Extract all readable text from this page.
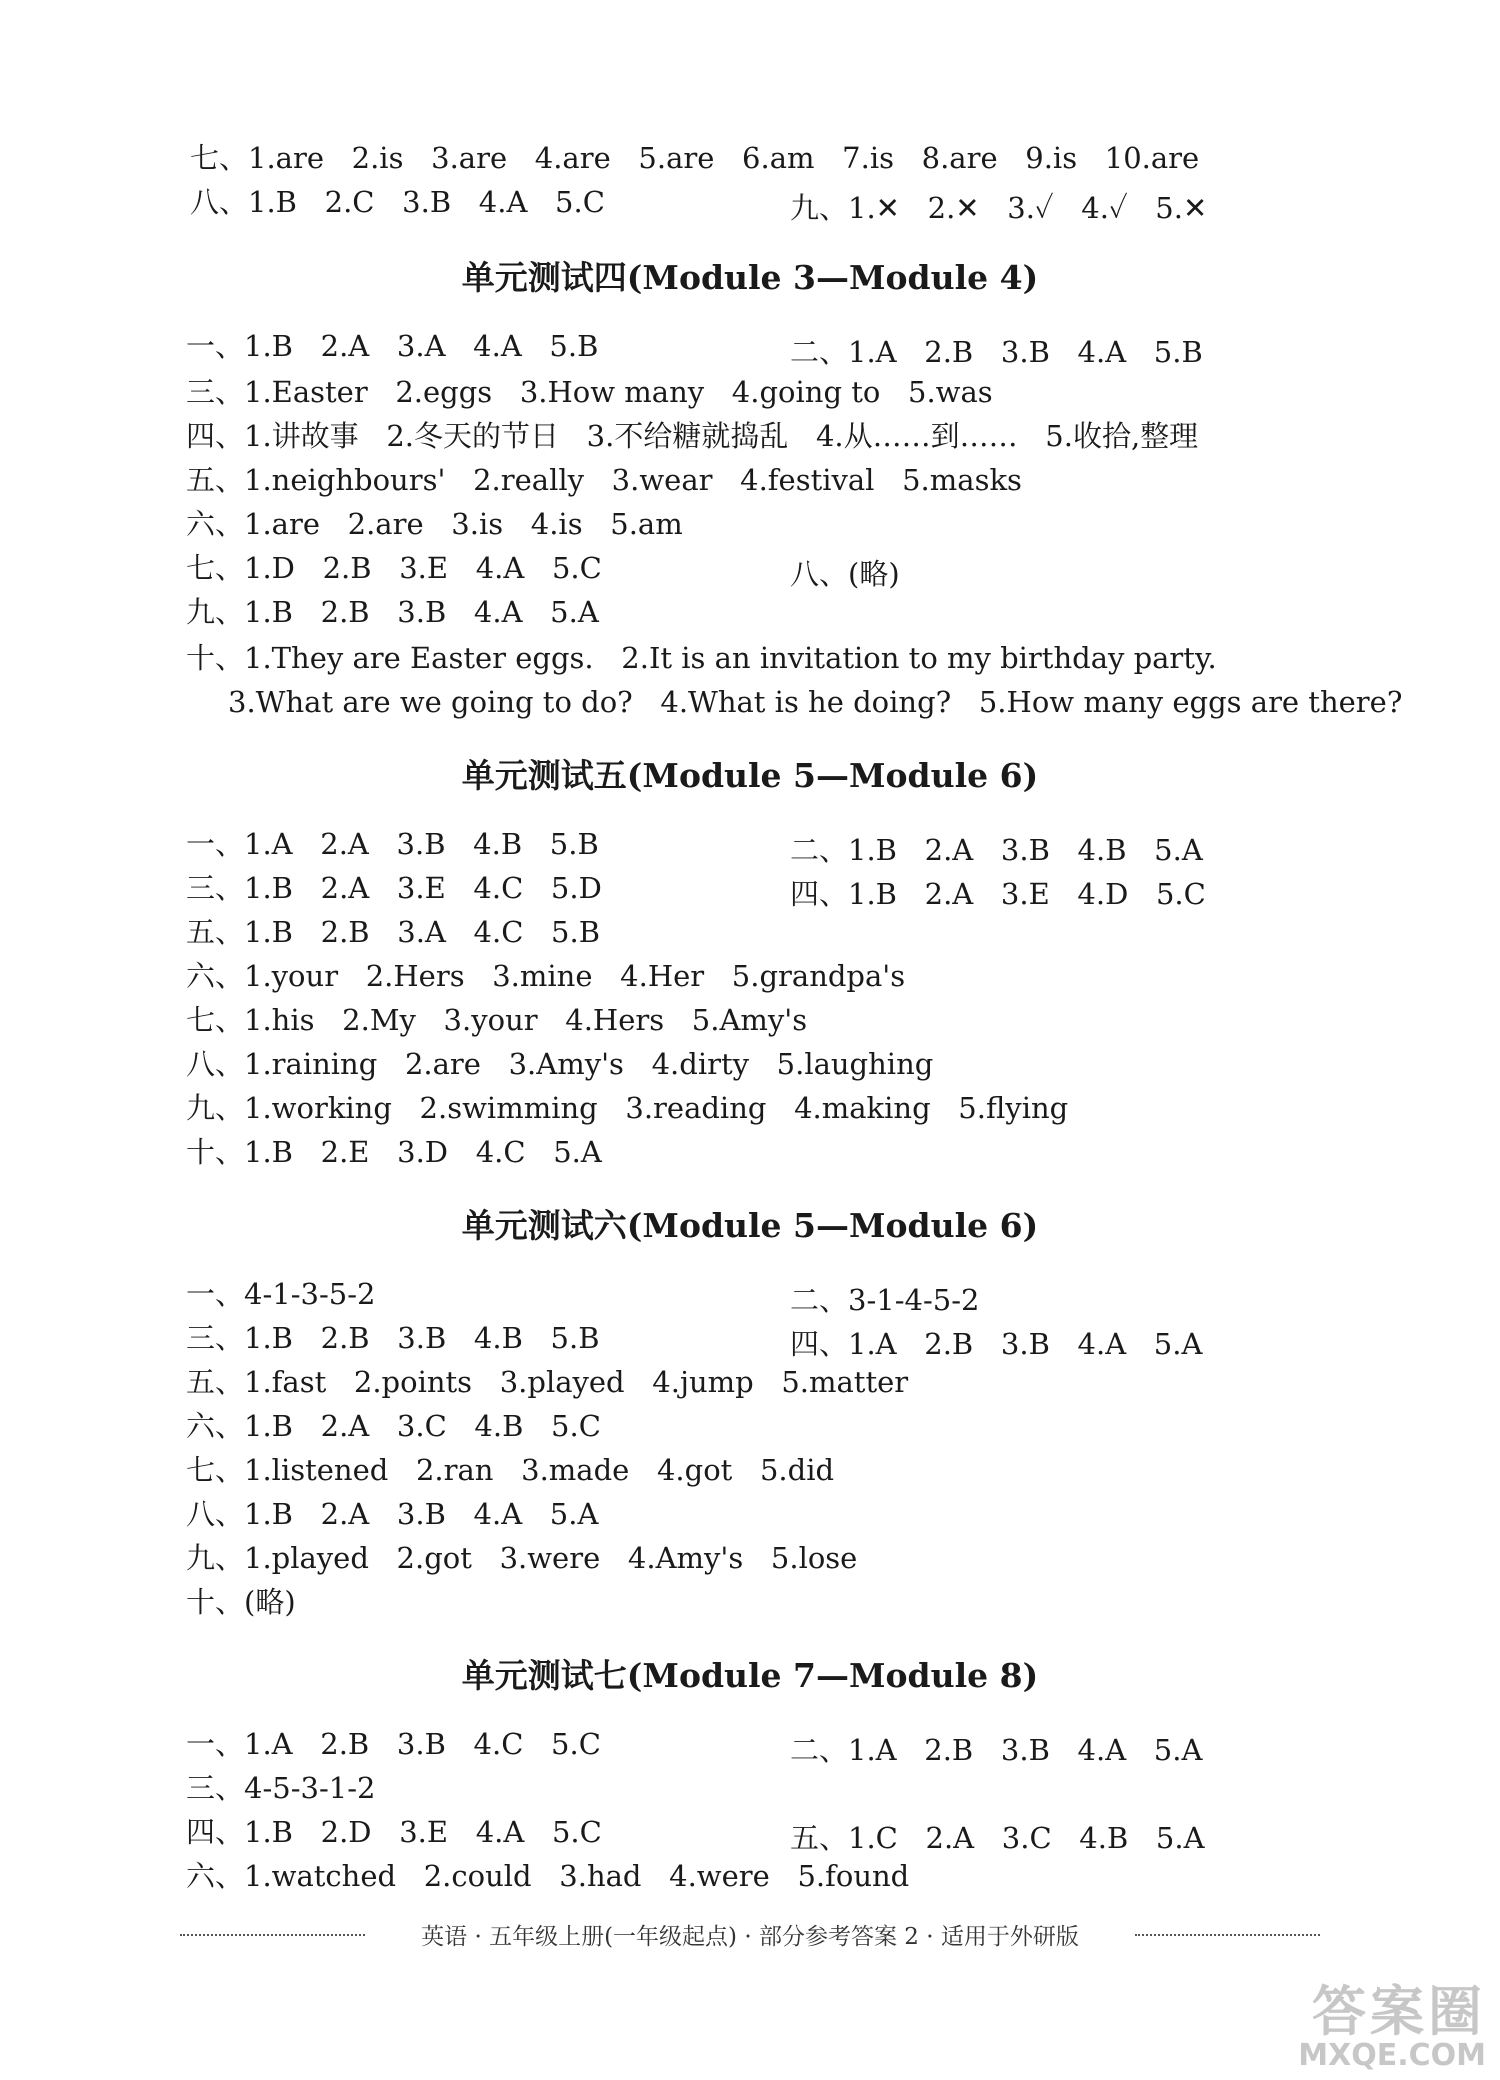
七、1.are   2.is   3.are   4.are   5.are   6.am   7.is   8.are   9.is   10.are
八、1.B   2.C   3.B   4.A   5.C	九、1.✕   2.✕   3.✓   4.✓   5.✕
单元测试四(Module 3—Module 4)
一、1.B   2.A   3.A   4.A   5.B	二、1.A   2.B   3.B   4.A   5.B
三、1.Easter   2.eggs   3.How many   4.going to   5.was
四、1.讲故事   2.冬天的节日   3.不给糖就捣乱   4.从……到……   5.收拾,整理
五、1.neighbours'   2.really   3.wear   4.festival   5.masks
六、1.are   2.are   3.is   4.is   5.am
七、1.D   2.B   3.E   4.A   5.C	八、(略)
九、1.B   2.B   3.B   4.A   5.A
十、1.They are Easter eggs.   2.It is an invitation to my birthday party.
3.What are we going to do?   4.What is he doing?   5.How many eggs are there?
单元测试五(Module 5—Module 6)
一、1.A   2.A   3.B   4.B   5.B	二、1.B   2.A   3.B   4.B   5.A
三、1.B   2.A   3.E   4.C   5.D	四、1.B   2.A   3.E   4.D   5.C
五、1.B   2.B   3.A   4.C   5.B
六、1.your   2.Hers   3.mine   4.Her   5.grandpa's
七、1.his   2.My   3.your   4.Hers   5.Amy's
八、1.raining   2.are   3.Amy's   4.dirty   5.laughing
九、1.working   2.swimming   3.reading   4.making   5.flying
十、1.B   2.E   3.D   4.C   5.A
单元测试六(Module 5—Module 6)
一、4-1-3-5-2	二、3-1-4-5-2
三、1.B   2.B   3.B   4.B   5.B	四、1.A   2.B   3.B   4.A   5.A
五、1.fast   2.points   3.played   4.jump   5.matter
六、1.B   2.A   3.C   4.B   5.C
七、1.listened   2.ran   3.made   4.got   5.did
八、1.B   2.A   3.B   4.A   5.A
九、1.played   2.got   3.were   4.Amy's   5.lose
十、(略)
单元测试七(Module 7—Module 8)
一、1.A   2.B   3.B   4.C   5.C	二、1.A   2.B   3.B   4.A   5.A
三、4-5-3-1-2
四、1.B   2.D   3.E   4.A   5.C	五、1.C   2.A   3.C   4.B   5.A
六、1.watched   2.could   3.had   4.were   5.found
英语 · 五年级上册(一年级起点) · 部分参考答案 2 · 适用于外研版
答案圈
MXQE.COM
